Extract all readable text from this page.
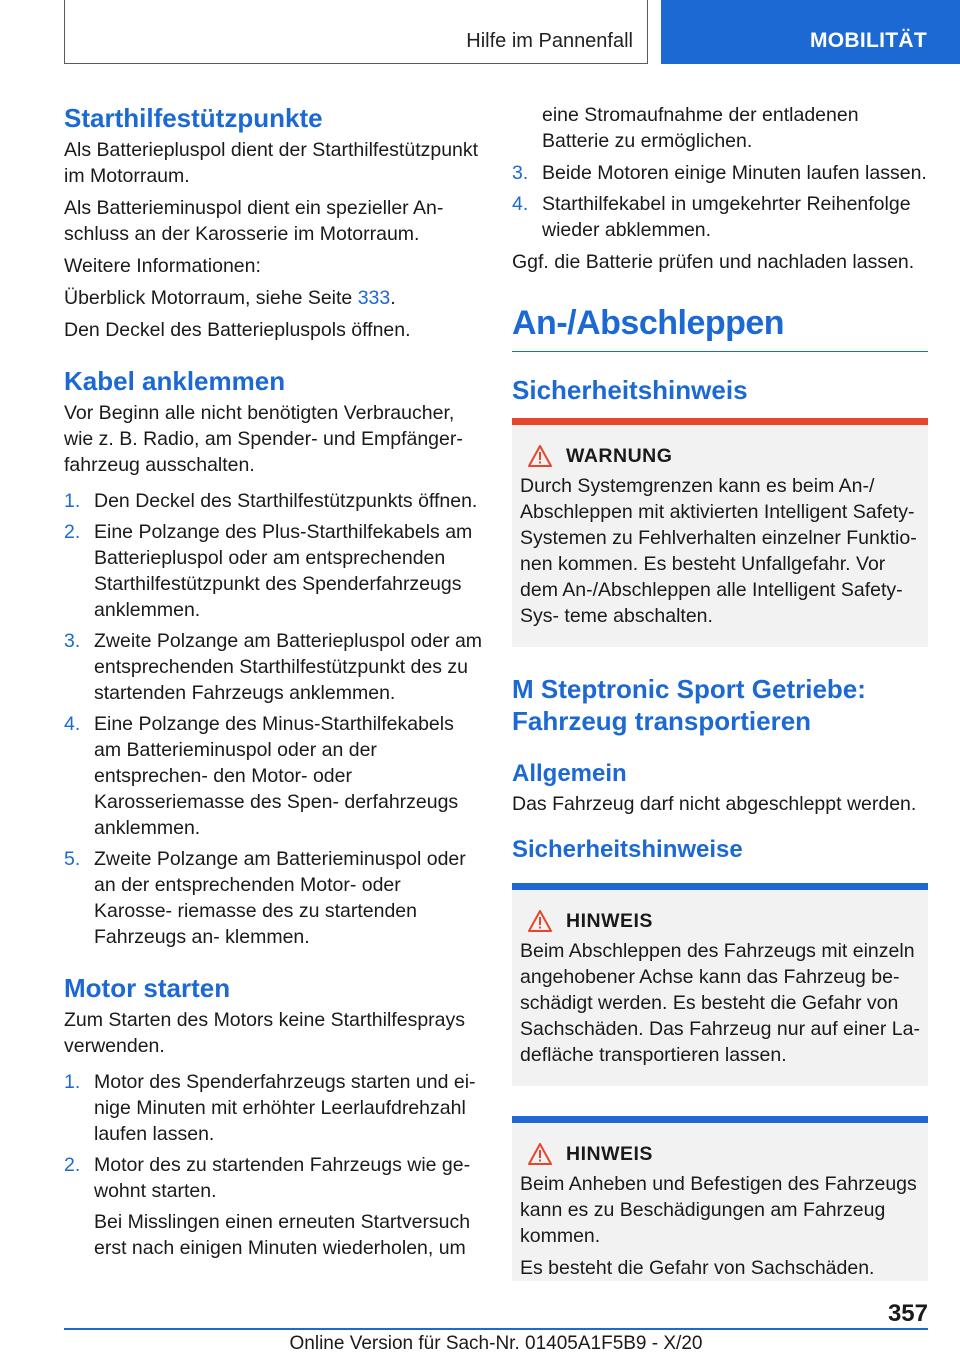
Hilfe im Pannenfall	MOBILITÄT
Starthilfestützpunkte

Als Batteriepluspol dient der Starthilfestützpunkt im Motorraum.

Als Batterieminuspol dient ein spezieller An- schluss an der Karosserie im Motorraum.

Weitere Informationen:

Überblick Motorraum, siehe Seite 333.

Den Deckel des Batteriepluspols öffnen.

Kabel anklemmen

Vor Beginn alle nicht benötigten Verbraucher, wie z. B. Radio, am Spender- und Empfänger- fahrzeug ausschalten.

1. Den Deckel des Starthilfestützpunkts öffnen.
2. Eine Polzange des Plus-Starthilfekabels am Batteriepluspol oder am entsprechenden Starthilfestützpunkt des Spenderfahrzeugs anklemmen.
3. Zweite Polzange am Batteriepluspol oder am entsprechenden Starthilfestützpunkt des zu startenden Fahrzeugs anklemmen.
4. Eine Polzange des Minus-Starthilfekabels am Batterieminuspol oder an der entsprechen- den Motor- oder Karosseriemasse des Spen- derfahrzeugs anklemmen.
5. Zweite Polzange am Batterieminuspol oder an der entsprechenden Motor- oder Karosse- riemasse des zu startenden Fahrzeugs an- klemmen.
Motor starten

Zum Starten des Motors keine Starthilfesprays verwenden.

1. Motor des Spenderfahrzeugs starten und ei- nige Minuten mit erhöhter Leerlaufdrehzahl laufen lassen.
2. Motor des zu startenden Fahrzeugs wie ge- wohnt starten.

Bei Misslingen einen erneuten Startversuch erst nach einigen Minuten wiederholen, um

eine Stromaufnahme der entladenen Batterie zu ermöglichen.
3. Beide Motoren einige Minuten laufen lassen.
4. Starthilfekabel in umgekehrter Reihenfolge wieder abklemmen.

Ggf. die Batterie prüfen und nachladen lassen.

An-/Abschleppen
Sicherheitshinweis
WARNUNG

Durch Systemgrenzen kann es beim An-/ Abschleppen mit aktivierten Intelligent Safety- Systemen zu Fehlverhalten einzelner Funktio- nen kommen. Es besteht Unfallgefahr. Vor dem An-/Abschleppen alle Intelligent Safety-Sys- teme abschalten.

M Steptronic Sport Getriebe: Fahrzeug transportieren
Allgemein

Das Fahrzeug darf nicht abgeschleppt werden.

Sicherheitshinweise
HINWEIS

Beim Abschleppen des Fahrzeugs mit einzeln angehobener Achse kann das Fahrzeug be- schädigt werden. Es besteht die Gefahr von Sachschäden. Das Fahrzeug nur auf einer La- defläche transportieren lassen.

HINWEIS

Beim Anheben und Befestigen des Fahrzeugs kann es zu Beschädigungen am Fahrzeug kommen.

Es besteht die Gefahr von Sachschäden.

357
Online Version für Sach-Nr. 01405A1F5B9 - X/20
